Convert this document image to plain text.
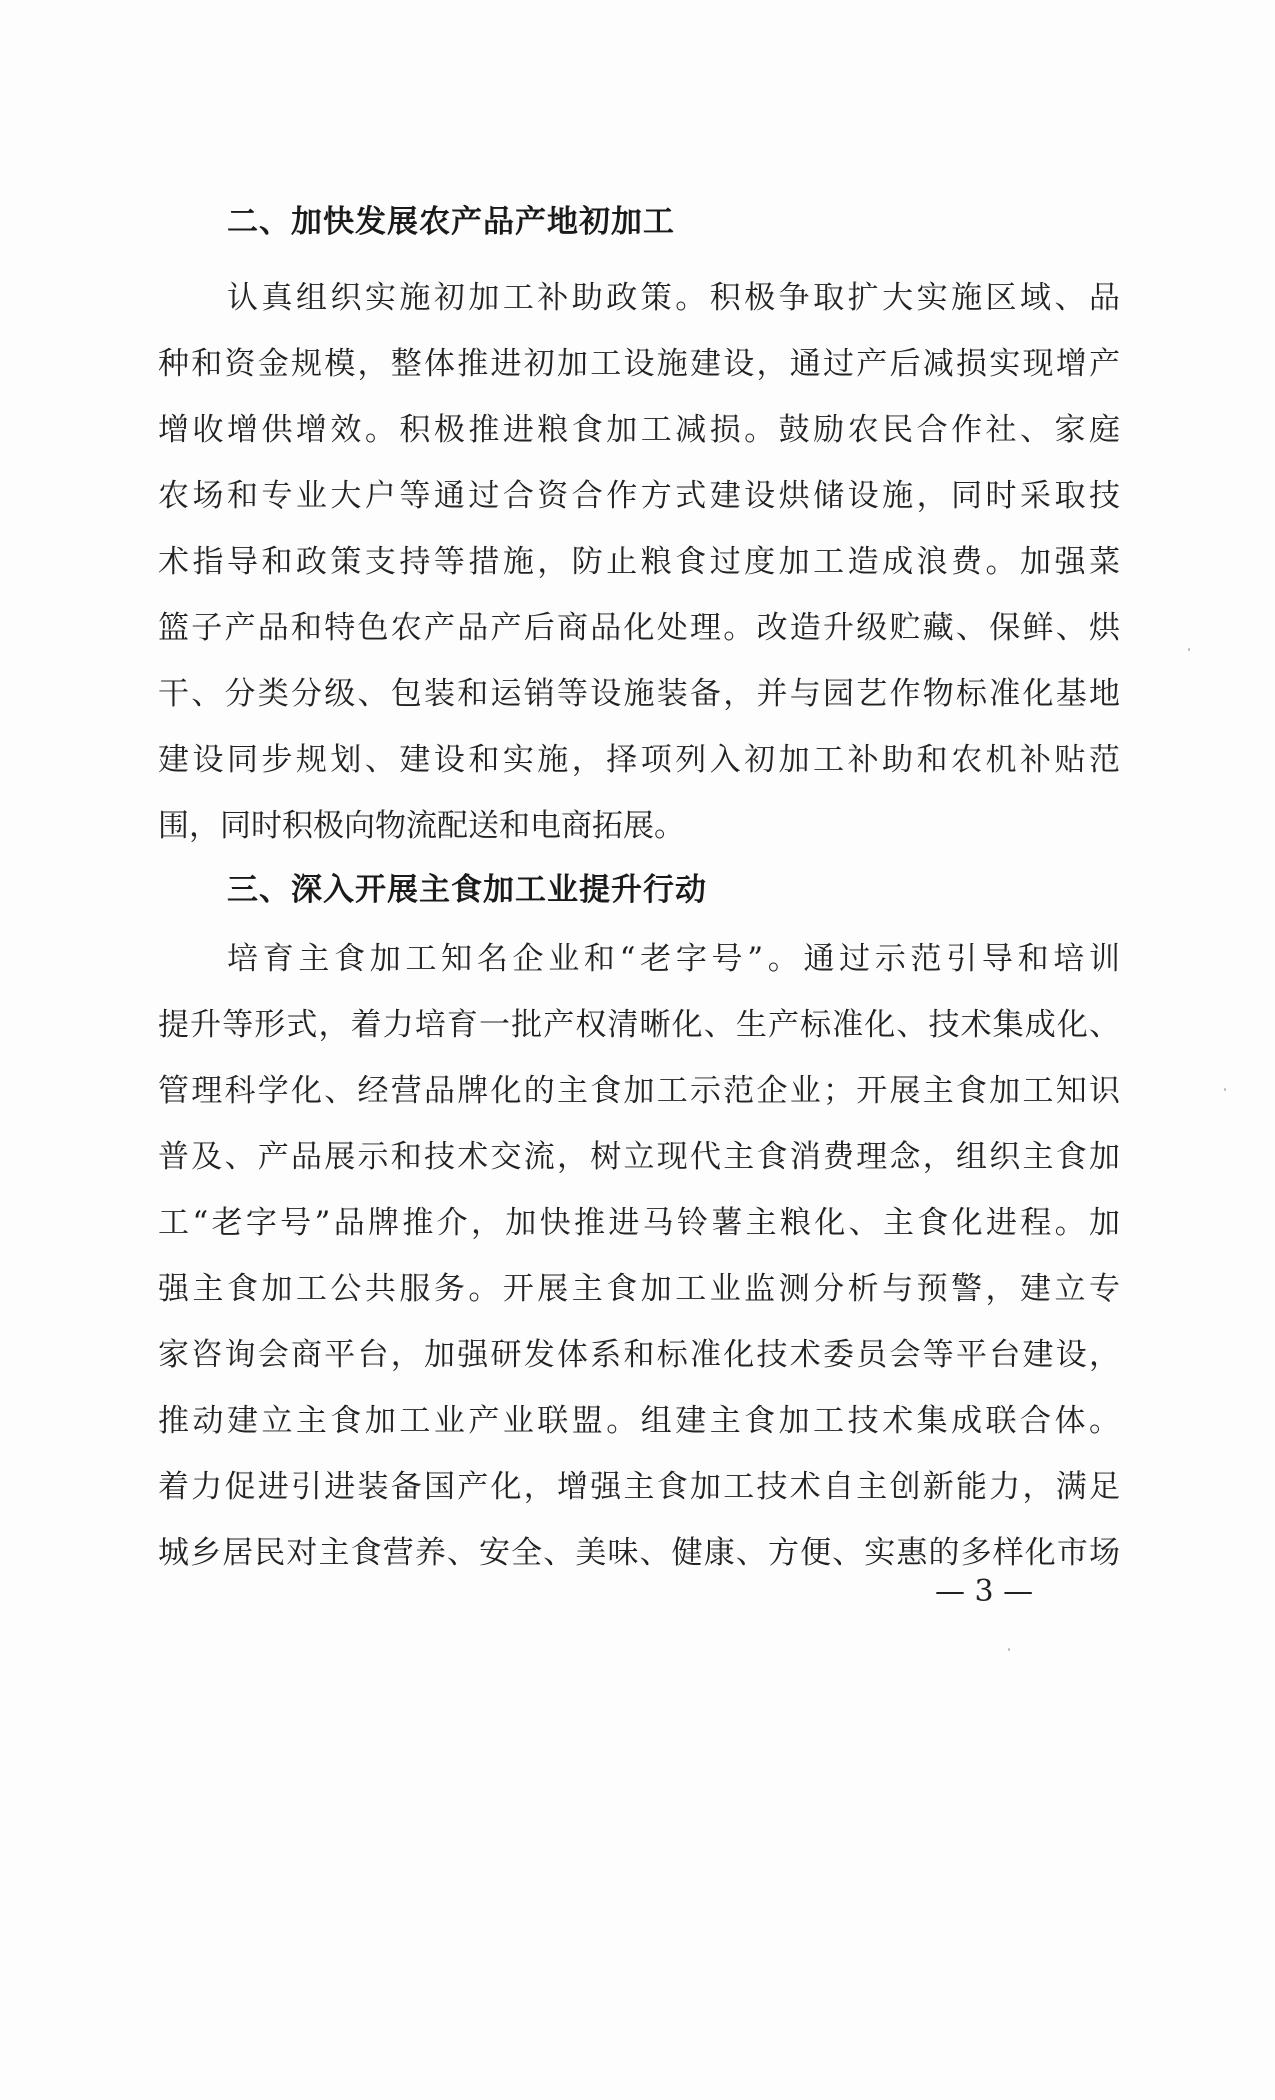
二、加快发展农产品产地初加工
认真组织实施初加工补助政策。积极争取扩大实施区域、品
种和资金规模，整体推进初加工设施建设，通过产后减损实现增产
增收增供增效。积极推进粮食加工减损。鼓励农民合作社、家庭
农场和专业大户等通过合资合作方式建设烘储设施，同时采取技
术指导和政策支持等措施，防止粮食过度加工造成浪费。加强菜
篮子产品和特色农产品产后商品化处理。改造升级贮藏、保鲜、烘
干、分类分级、包装和运销等设施装备，并与园艺作物标准化基地
建设同步规划、建设和实施，择项列入初加工补助和农机补贴范
围，同时积极向物流配送和电商拓展。
三、深入开展主食加工业提升行动
培育主食加工知名企业和“老字号”。通过示范引导和培训
提升等形式，着力培育一批产权清晰化、生产标准化、技术集成化、
管理科学化、经营品牌化的主食加工示范企业；开展主食加工知识
普及、产品展示和技术交流，树立现代主食消费理念，组织主食加
工“老字号”品牌推介，加快推进马铃薯主粮化、主食化进程。加
强主食加工公共服务。开展主食加工业监测分析与预警，建立专
家咨询会商平台，加强研发体系和标准化技术委员会等平台建设，
推动建立主食加工业产业联盟。组建主食加工技术集成联合体。
着力促进引进装备国产化，增强主食加工技术自主创新能力，满足
城乡居民对主食营养、安全、美味、健康、方便、实惠的多样化市场
— 3 —
